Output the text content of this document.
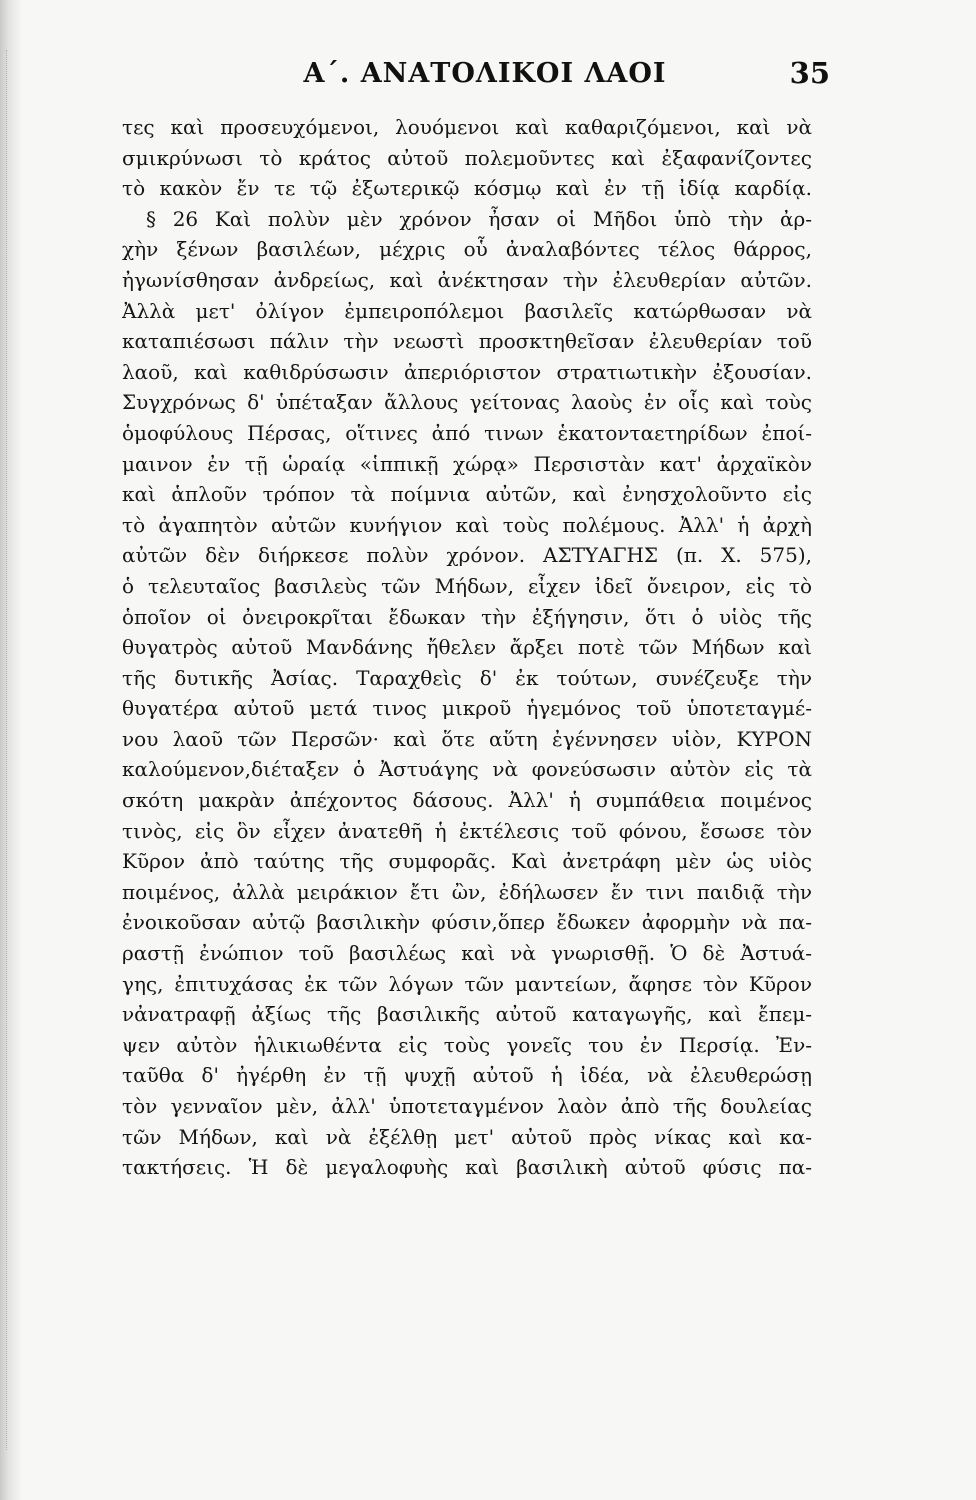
Α΄. ΑΝΑΤΟΛΙΚΟΙ ΛΑΟΙ	35
τες καὶ προσευχόμενοι, λουόμενοι καὶ καθαριζόμενοι, καὶ νὰ
σμικρύνωσι τὸ κράτος αὐτοῦ πολεμοῦντες καὶ ἐξαφανίζοντες
τὸ κακὸν ἔν τε τῷ ἐξωτερικῷ κόσμῳ καὶ ἐν τῇ ἰδίᾳ καρδίᾳ.
§ 26 Καὶ πολὺν μὲν χρόνον ἦσαν οἱ Μῆδοι ὑπὸ τὴν ἀρ-
χὴν ξένων βασιλέων, μέχρις οὗ ἀναλαβόντες τέλος θάρρος,
ἠγωνίσθησαν ἀνδρείως, καὶ ἀνέκτησαν τὴν ἐλευθερίαν αὐτῶν.
Ἀλλὰ μετ' ὀλίγον ἐμπειροπόλεμοι βασιλεῖς κατώρθωσαν νὰ
καταπιέσωσι πάλιν τὴν νεωστὶ προσκτηθεῖσαν ἐλευθερίαν τοῦ
λαοῦ, καὶ καθιδρύσωσιν ἀπεριόριστον στρατιωτικὴν ἐξουσίαν.
Συγχρόνως δ' ὑπέταξαν ἄλλους γείτονας λαοὺς ἐν οἷς καὶ τοὺς
ὁμοφύλους Πέρσας, οἵτινες ἀπό τινων ἑκατονταετηρίδων ἐποί-
μαινον ἐν τῇ ὡραίᾳ «ἱππικῇ χώρᾳ» Περσιστὰν κατ' ἀρχαϊκὸν
καὶ ἁπλοῦν τρόπον τὰ ποίμνια αὐτῶν, καὶ ἐνησχολοῦντο εἰς
τὸ ἀγαπητὸν αὐτῶν κυνήγιον καὶ τοὺς πολέμους. Ἀλλ' ἡ ἀρχὴ
αὐτῶν δὲν διήρκεσε πολὺν χρόνον. ΑΣΤΥΑΓΗΣ (π. Χ. 575),
ὁ τελευταῖος βασιλεὺς τῶν Μήδων, εἶχεν ἰδεῖ ὄνειρον, εἰς τὸ
ὁποῖον οἱ ὀνειροκρῖται ἔδωκαν τὴν ἐξήγησιν, ὅτι ὁ υἱὸς τῆς
θυγατρὸς αὐτοῦ Μανδάνης ἤθελεν ἄρξει ποτὲ τῶν Μήδων καὶ
τῆς δυτικῆς Ἀσίας. Ταραχθεὶς δ' ἐκ τούτων, συνέζευξε τὴν
θυγατέρα αὐτοῦ μετά τινος μικροῦ ἡγεμόνος τοῦ ὑποτεταγμέ-
νου λαοῦ τῶν Περσῶν· καὶ ὅτε αὕτη ἐγέννησεν υἱὸν, ΚΥΡΟΝ
καλούμενον,διέταξεν ὁ Ἀστυάγης νὰ φονεύσωσιν αὐτὸν εἰς τὰ
σκότη μακρὰν ἀπέχοντος δάσους. Ἀλλ' ἡ συμπάθεια ποιμένος
τινὸς, εἰς ὃν εἶχεν ἀνατεθῆ ἡ ἐκτέλεσις τοῦ φόνου, ἔσωσε τὸν
Κῦρον ἀπὸ ταύτης τῆς συμφορᾶς. Καὶ ἀνετράφη μὲν ὡς υἱὸς
ποιμένος, ἀλλὰ μειράκιον ἔτι ὢν, ἐδήλωσεν ἔν τινι παιδιᾷ τὴν
ἐνοικοῦσαν αὐτῷ βασιλικὴν φύσιν,ὅπερ ἔδωκεν ἀφορμὴν νὰ πα-
ραστῇ ἐνώπιον τοῦ βασιλέως καὶ νὰ γνωρισθῇ. Ὁ δὲ Ἀστυά-
γης, ἐπιτυχάσας ἐκ τῶν λόγων τῶν μαντείων, ἄφησε τὸν Κῦρον
νἀνατραφῇ ἀξίως τῆς βασιλικῆς αὐτοῦ καταγωγῆς, καὶ ἔπεμ-
ψεν αὐτὸν ἡλικιωθέντα εἰς τοὺς γονεῖς του ἐν Περσίᾳ. Ἐν-
ταῦθα δ' ἠγέρθη ἐν τῇ ψυχῇ αὐτοῦ ἡ ἰδέα, νὰ ἐλευθερώσῃ
τὸν γενναῖον μὲν, ἀλλ' ὑποτεταγμένον λαὸν ἀπὸ τῆς δουλείας
τῶν Μήδων, καὶ νὰ ἐξέλθῃ μετ' αὐτοῦ πρὸς νίκας καὶ κα-
τακτήσεις. Ἡ δὲ μεγαλοφυὴς καὶ βασιλικὴ αὐτοῦ φύσις πα-
